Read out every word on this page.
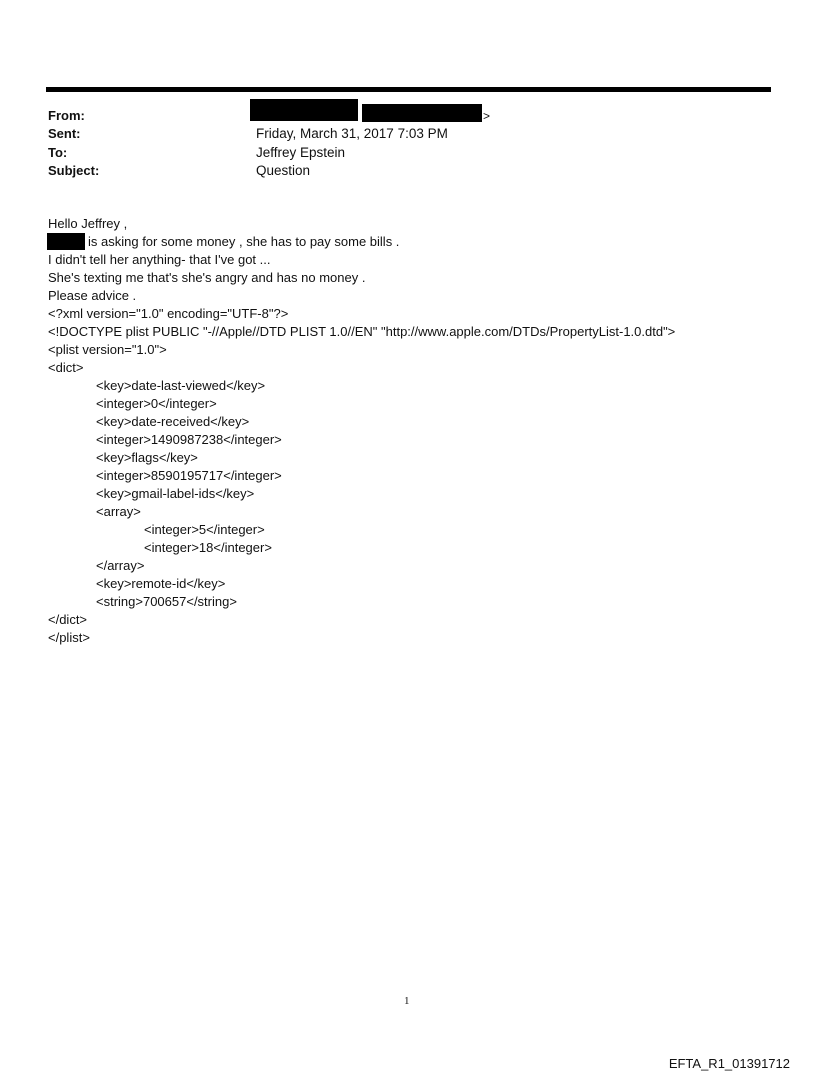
From:	>
Sent:	Friday, March 31, 2017 7:03 PM
To:	Jeffrey Epstein
Subject:	Question
Hello Jeffrey ,
is asking for some money , she has to pay some bills .
I didn't tell her anything- that I've got ...
She's texting me that's she's angry and has no money .
Please advice .
<?xml version="1.0" encoding="UTF-8"?>
<!DOCTYPE plist PUBLIC "-//Apple//DTD PLIST 1.0//EN" "http://www.apple.com/DTDs/PropertyList-1.0.dtd">
<plist version="1.0">
<dict>
<key>date-last-viewed</key>
<integer>0</integer>
<key>date-received</key>
<integer>1490987238</integer>
<key>flags</key>
<integer>8590195717</integer>
<key>gmail-label-ids</key>
<array>
<integer>5</integer>
<integer>18</integer>
</array>
<key>remote-id</key>
<string>700657</string>
</dict>
</plist>
1
EFTA_R1_01391712
